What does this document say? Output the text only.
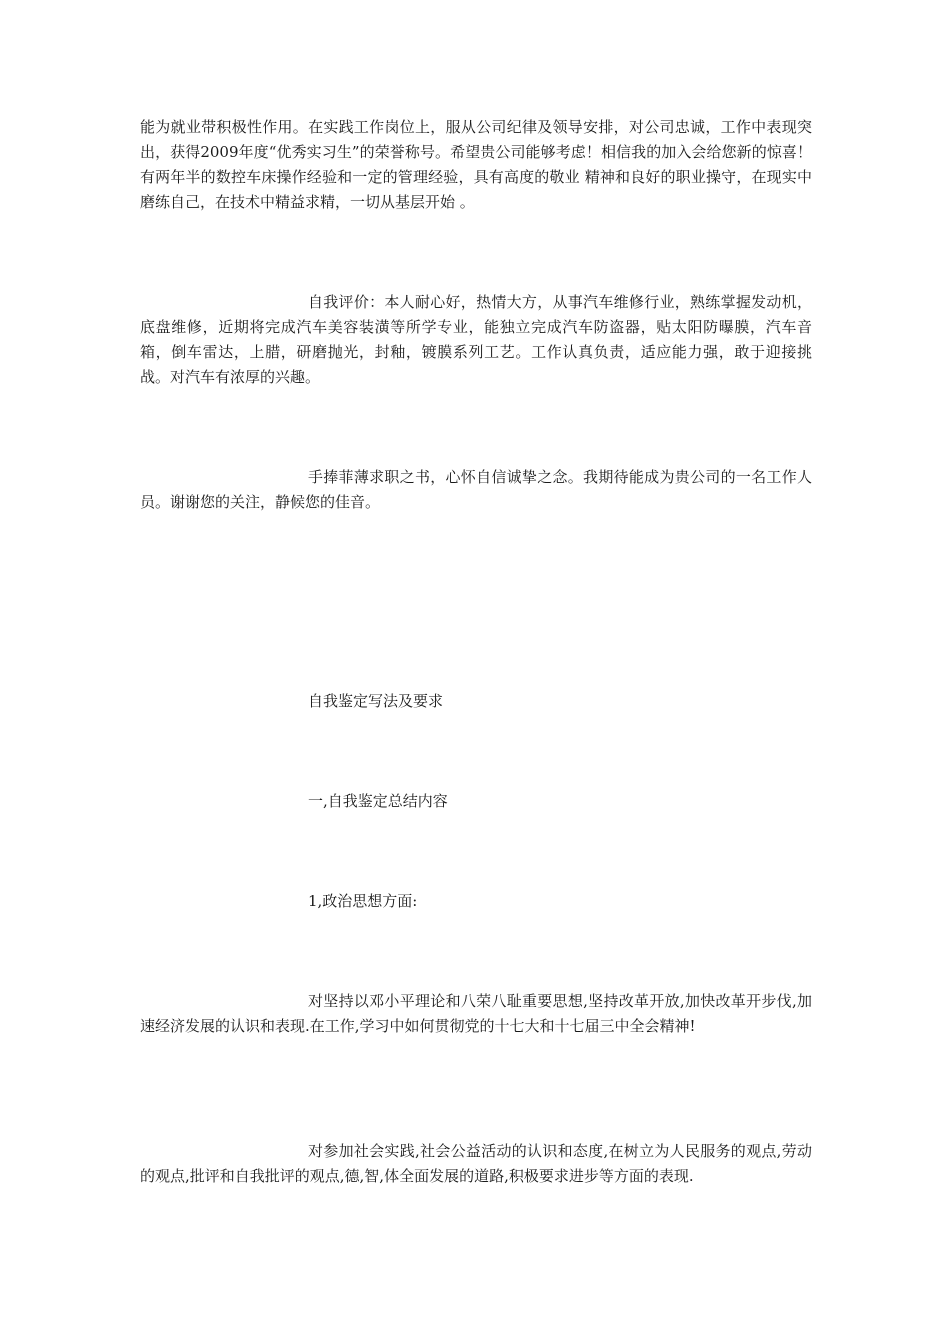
能为就业带积极性作用。在实践工作岗位上，服从公司纪律及领导安排，对公司忠诚，工作中表现突出，获得2009年度“优秀实习生”的荣誉称号。希望贵公司能够考虑！相信我的加入会给您新的惊喜！ 有两年半的数控车床操作经验和一定的管理经验，具有高度的敬业 精神和良好的职业操守，在现实中磨练自己，在技术中精益求精，一切从基层开始 。

自我评价：本人耐心好，热情大方，从事汽车维修行业，熟练掌握发动机，底盘维修，近期将完成汽车美容装潢等所学专业，能独立完成汽车防盗器，贴太阳防曝膜，汽车音箱，倒车雷达，上腊，研磨抛光，封釉，镀膜系列工艺。工作认真负责，适应能力强，敢于迎接挑战。对汽车有浓厚的兴趣。

手捧菲薄求职之书，心怀自信诚挚之念。我期待能成为贵公司的一名工作人员。谢谢您的关注，静候您的佳音。

自我鉴定写法及要求

一,自我鉴定总结内容

1,政治思想方面:

对坚持以邓小平理论和八荣八耻重要思想,坚持改革开放,加快改革开步伐,加速经济发展的认识和表现.在工作,学习中如何贯彻党的十七大和十七届三中全会精神!

对参加社会实践,社会公益活动的认识和态度,在树立为人民服务的观点,劳动的观点,批评和自我批评的观点,德,智,体全面发展的道路,积极要求进步等方面的表现.
